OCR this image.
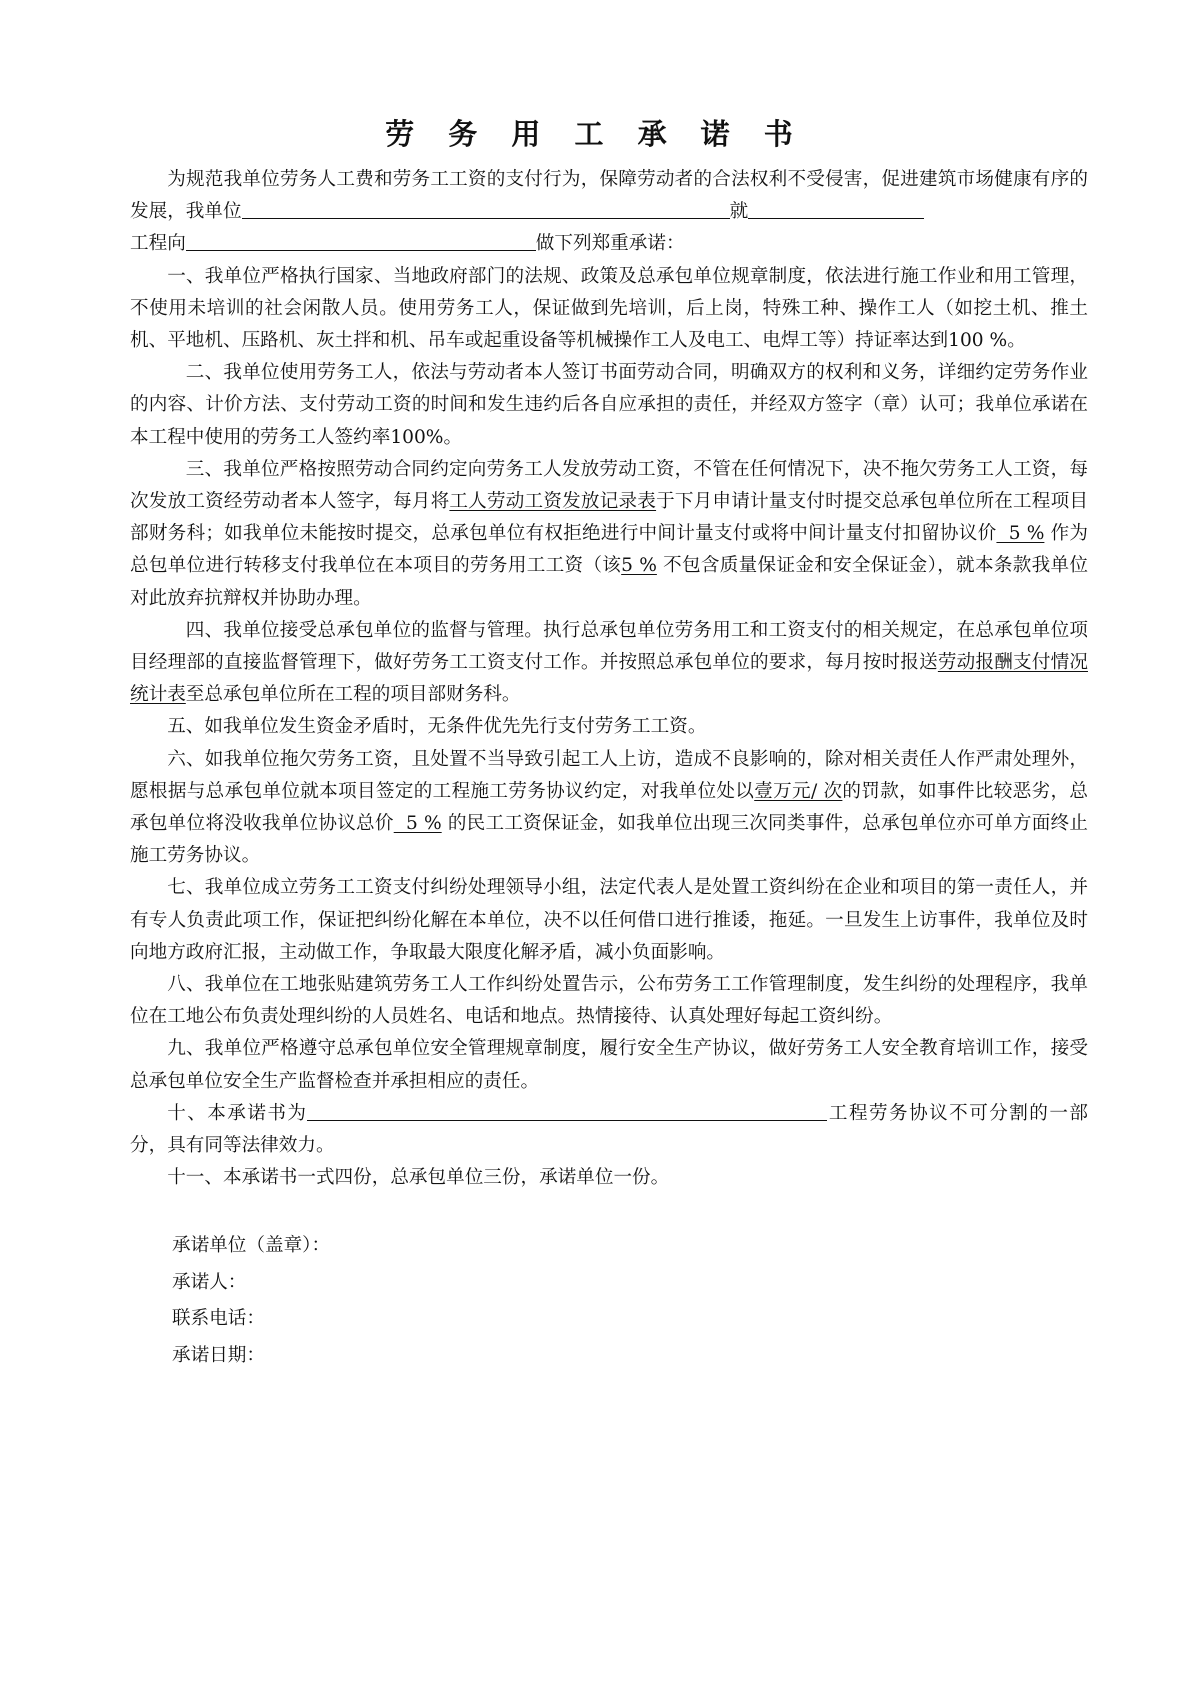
劳 务 用 工 承 诺 书

为规范我单位劳务人工费和劳务工工资的支付行为，保障劳动者的合法权利不受侵害，促进建筑市场健康有序的发展，我单位	就
工程向	做下列郑重承诺：

一、我单位严格执行国家、当地政府部门的法规、政策及总承包单位规章制度，依法进行施工作业和用工管理，不使用未培训的社会闲散人员。使用劳务工人，保证做到先培训，后上岗，特殊工种、操作工人（如挖土机、推土机、平地机、压路机、灰土拌和机、吊车或起重设备等机械操作工人及电工、电焊工等）持证率达到100 %。

二、我单位使用劳务工人，依法与劳动者本人签订书面劳动合同，明确双方的权利和义务，详细约定劳务作业的内容、计价方法、支付劳动工资的时间和发生违约后各自应承担的责任，并经双方签字（章）认可；我单位承诺在本工程中使用的劳务工人签约率100%。

三、我单位严格按照劳动合同约定向劳务工人发放劳动工资，不管在任何情况下，决不拖欠劳务工人工资，每次发放工资经劳动者本人签字，每月将工人劳动工资发放记录表于下月申请计量支付时提交总承包单位所在工程项目部财务科；如我单位未能按时提交，总承包单位有权拒绝进行中间计量支付或将中间计量支付扣留协议价  5 % 作为总包单位进行转移支付我单位在本项目的劳务用工工资（该5 % 不包含质量保证金和安全保证金），就本条款我单位对此放弃抗辩权并协助办理。

四、我单位接受总承包单位的监督与管理。执行总承包单位劳务用工和工资支付的相关规定，在总承包单位项目经理部的直接监督管理下，做好劳务工工资支付工作。并按照总承包单位的要求，每月按时报送劳动报酬支付情况统计表至总承包单位所在工程的项目部财务科。

五、如我单位发生资金矛盾时，无条件优先先行支付劳务工工资。

六、如我单位拖欠劳务工资，且处置不当导致引起工人上访，造成不良影响的，除对相关责任人作严肃处理外，愿根据与总承包单位就本项目签定的工程施工劳务协议约定，对我单位处以壹万元/ 次的罚款，如事件比较恶劣，总承包单位将没收我单位协议总价  5 % 的民工工资保证金，如我单位出现三次同类事件，总承包单位亦可单方面终止施工劳务协议。

七、我单位成立劳务工工资支付纠纷处理领导小组，法定代表人是处置工资纠纷在企业和项目的第一责任人，并有专人负责此项工作，保证把纠纷化解在本单位，决不以任何借口进行推诿，拖延。一旦发生上访事件，我单位及时向地方政府汇报，主动做工作，争取最大限度化解矛盾，减小负面影响。

八、我单位在工地张贴建筑劳务工人工作纠纷处置告示，公布劳务工工作管理制度，发生纠纷的处理程序，我单位在工地公布负责处理纠纷的人员姓名、电话和地点。热情接待、认真处理好每起工资纠纷。

九、我单位严格遵守总承包单位安全管理规章制度，履行安全生产协议，做好劳务工人安全教育培训工作，接受总承包单位安全生产监督检查并承担相应的责任。

十、本承诺书为	工程劳务协议不可分割的一部分，具有同等法律效力。

十一、本承诺书一式四份，总承包单位三份，承诺单位一份。

承诺单位（盖章）：

承诺人：

联系电话：

承诺日期：
